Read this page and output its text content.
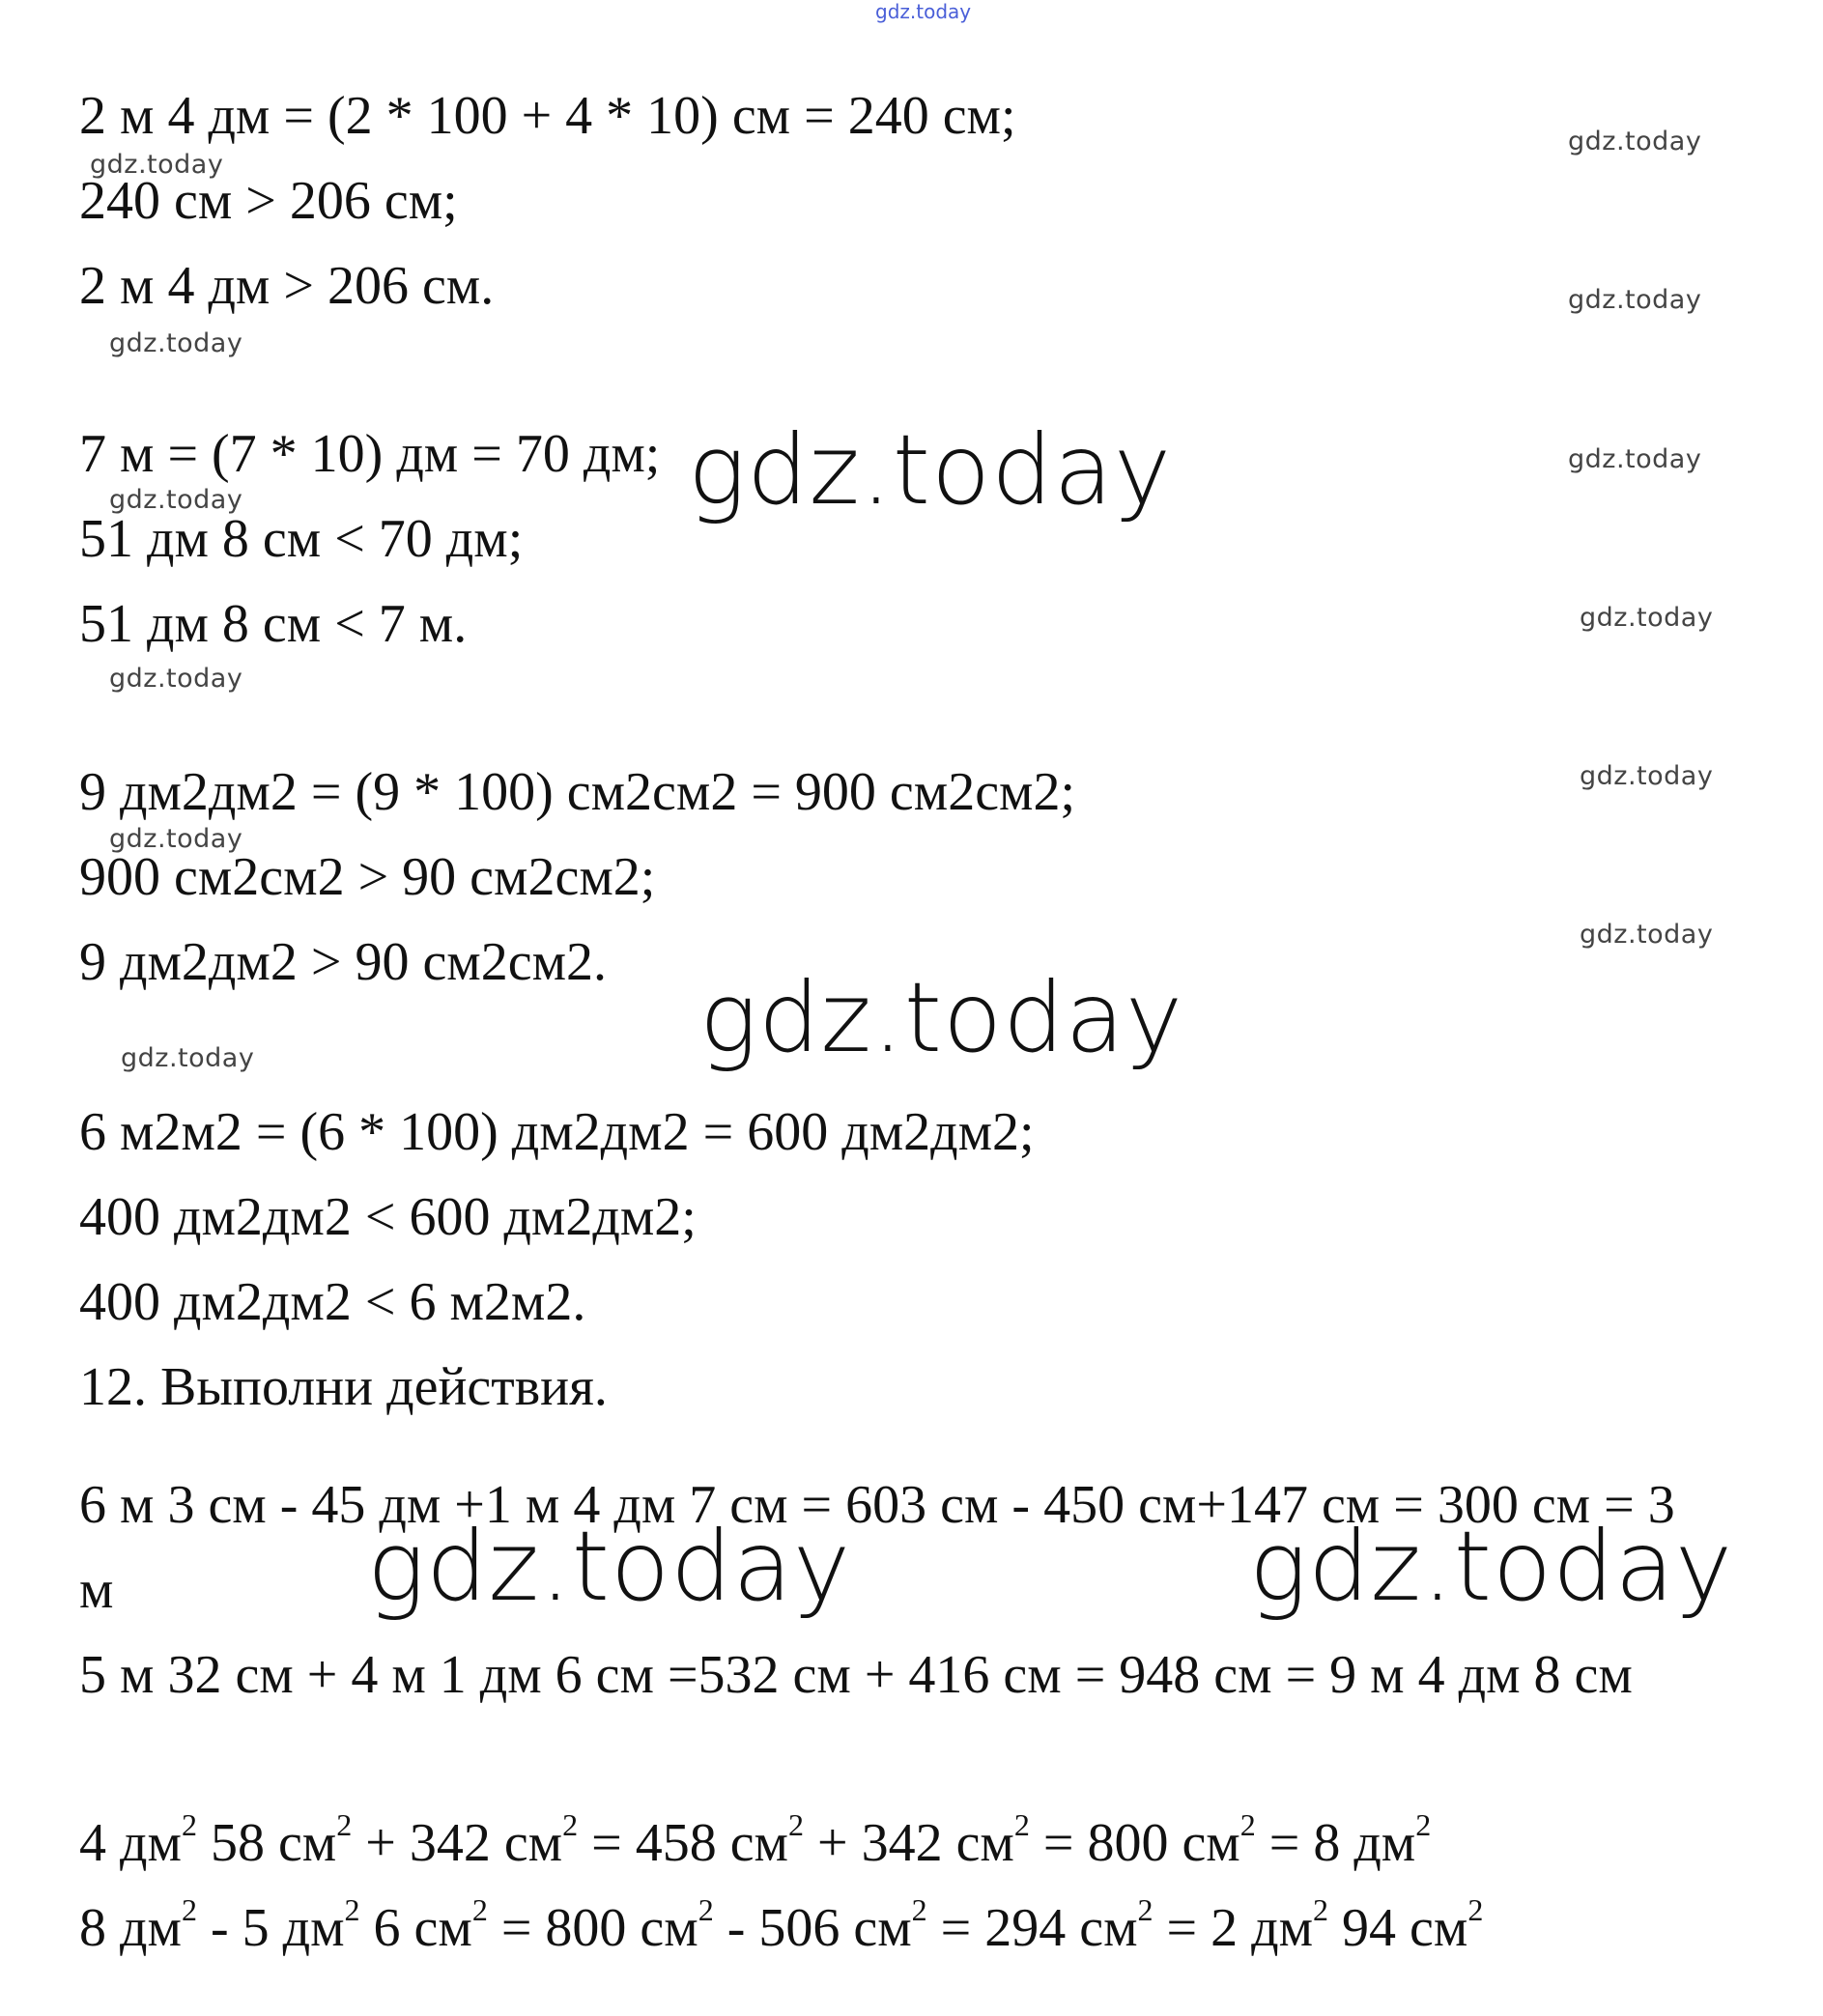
gdz.today
2 м 4 дм = (2 * 100 + 4 * 10) см = 240 см;
240 см > 206 см;
2 м 4 дм > 206 см.
7 м = (7 * 10) дм = 70 дм;
51 дм 8 см < 70 дм;
51 дм 8 см < 7 м.
9 дм2дм2 = (9 * 100) см2см2 = 900 см2см2;
900 см2см2 > 90 см2см2;
9 дм2дм2 > 90 см2см2.
6 м2м2 = (6 * 100) дм2дм2 = 600 дм2дм2;
400 дм2дм2 < 600 дм2дм2;
400 дм2дм2 < 6 м2м2.
12. Выполни действия.
6 м 3 см - 45 дм +1 м 4 дм 7 см = 603 см - 450 см+147 см = 300 см = 3
м
5 м 32 см + 4 м 1 дм 6 см =532 см + 416 см = 948 см = 9 м 4 дм 8 см
4 $дм^2$ 58 $см^2 + 342$ $см^2 = 458$ $см^2 + 342$ $см^2 = 800$ $см^2 = 8$ $дм^2$
8 $дм^2 - 5$ $дм^2$ 6 $см^2 = 800$ $см^2 - 506$ $см^2 = 294$ $см^2 = 2$ $дм^2$ 94 $см^2$
gdz.today
gdz.today
gdz.today
gdz.today
gdz.today
gdz.today
gdz.today
gdz.today
gdz.today
gdz.today
gdz.today
gdz.today
gdz.today
gdz.today
gdz.today	gdz.today
